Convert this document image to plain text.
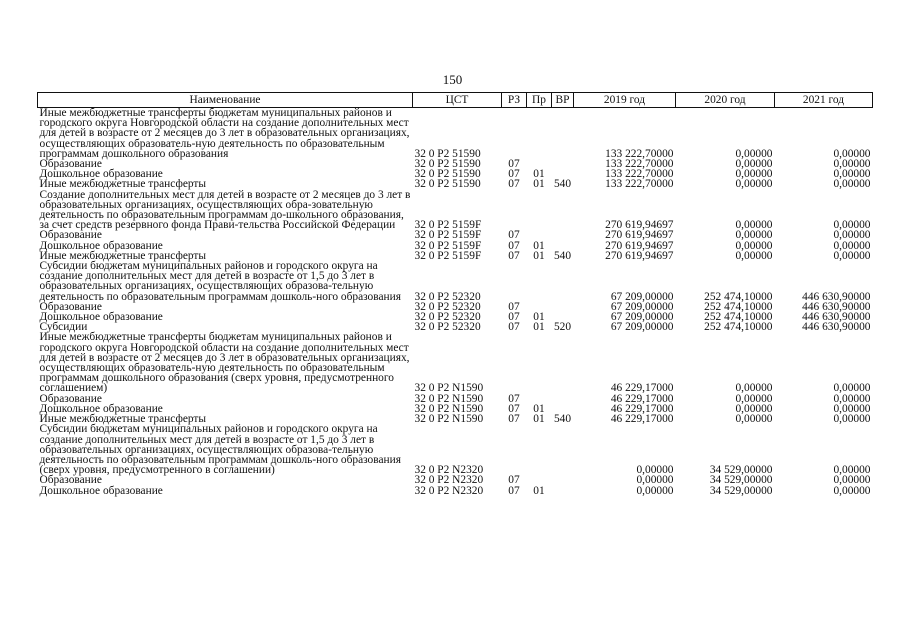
150
Наименование	ЦСТ	РЗ	Пр	ВР	2019 год	2020 год	2021 год
Иные межбюджетные трансферты бюджетам муниципальных районов и городского округа Новгородской области на создание дополнительных мест для детей в возрасте от 2 месяцев до 3 лет в образовательных организациях, осуществляющих образователь-ную деятельность по образовательным программам дошкольного образования	32 0 Р2 51590				133 222,70000	0,00000	0,00000
Образование	32 0 Р2 51590	07			133 222,70000	0,00000	0,00000
Дошкольное образование	32 0 Р2 51590	07	01		133 222,70000	0,00000	0,00000
Иные межбюджетные трансферты	32 0 Р2 51590	07	01	540	133 222,70000	0,00000	0,00000
Создание дополнительных мест для детей в возрасте от 2 месяцев до 3 лет в образовательных организациях, осуществляющих обра-зовательную деятельность по образовательным программам до-школьного образования, за счет средств резервного фонда Прави-тельства Российской Федерации	32 0 Р2 5159F				270 619,94697	0,00000	0,00000
Образование	32 0 Р2 5159F	07			270 619,94697	0,00000	0,00000
Дошкольное образование	32 0 Р2 5159F	07	01		270 619,94697	0,00000	0,00000
Иные межбюджетные трансферты	32 0 Р2 5159F	07	01	540	270 619,94697	0,00000	0,00000
Субсидии бюджетам муниципальных районов и городского округа на создание дополнительных мест для детей в возрасте от 1,5 до 3 лет в образовательных организациях, осуществляющих образова-тельную деятельность по образовательным программам дошколь-ного образования	32 0 Р2 52320				67 209,00000	252 474,10000	446 630,90000
Образование	32 0 Р2 52320	07			67 209,00000	252 474,10000	446 630,90000
Дошкольное образование	32 0 Р2 52320	07	01		67 209,00000	252 474,10000	446 630,90000
Субсидии	32 0 Р2 52320	07	01	520	67 209,00000	252 474,10000	446 630,90000
Иные межбюджетные трансферты бюджетам муниципальных районов и городского округа Новгородской области на создание дополнительных мест для детей в возрасте от 2 месяцев до 3 лет в образовательных организациях, осуществляющих образователь-ную деятельность по образовательным программам дошкольного образования (сверх уровня, предусмотренного соглашением)	32 0 Р2 N1590				46 229,17000	0,00000	0,00000
Образование	32 0 Р2 N1590	07			46 229,17000	0,00000	0,00000
Дошкольное образование	32 0 Р2 N1590	07	01		46 229,17000	0,00000	0,00000
Иные межбюджетные трансферты	32 0 Р2 N1590	07	01	540	46 229,17000	0,00000	0,00000
Субсидии бюджетам муниципальных районов и городского округа на создание дополнительных мест для детей в возрасте от 1,5 до 3 лет в образовательных организациях, осуществляющих образова-тельную деятельность по образовательным программам дошколь-ного образования (сверх уровня, предусмотренного в соглашении)	32 0 Р2 N2320				0,00000	34 529,00000	0,00000
Образование	32 0 Р2 N2320	07			0,00000	34 529,00000	0,00000
Дошкольное образование	32 0 Р2 N2320	07	01		0,00000	34 529,00000	0,00000
